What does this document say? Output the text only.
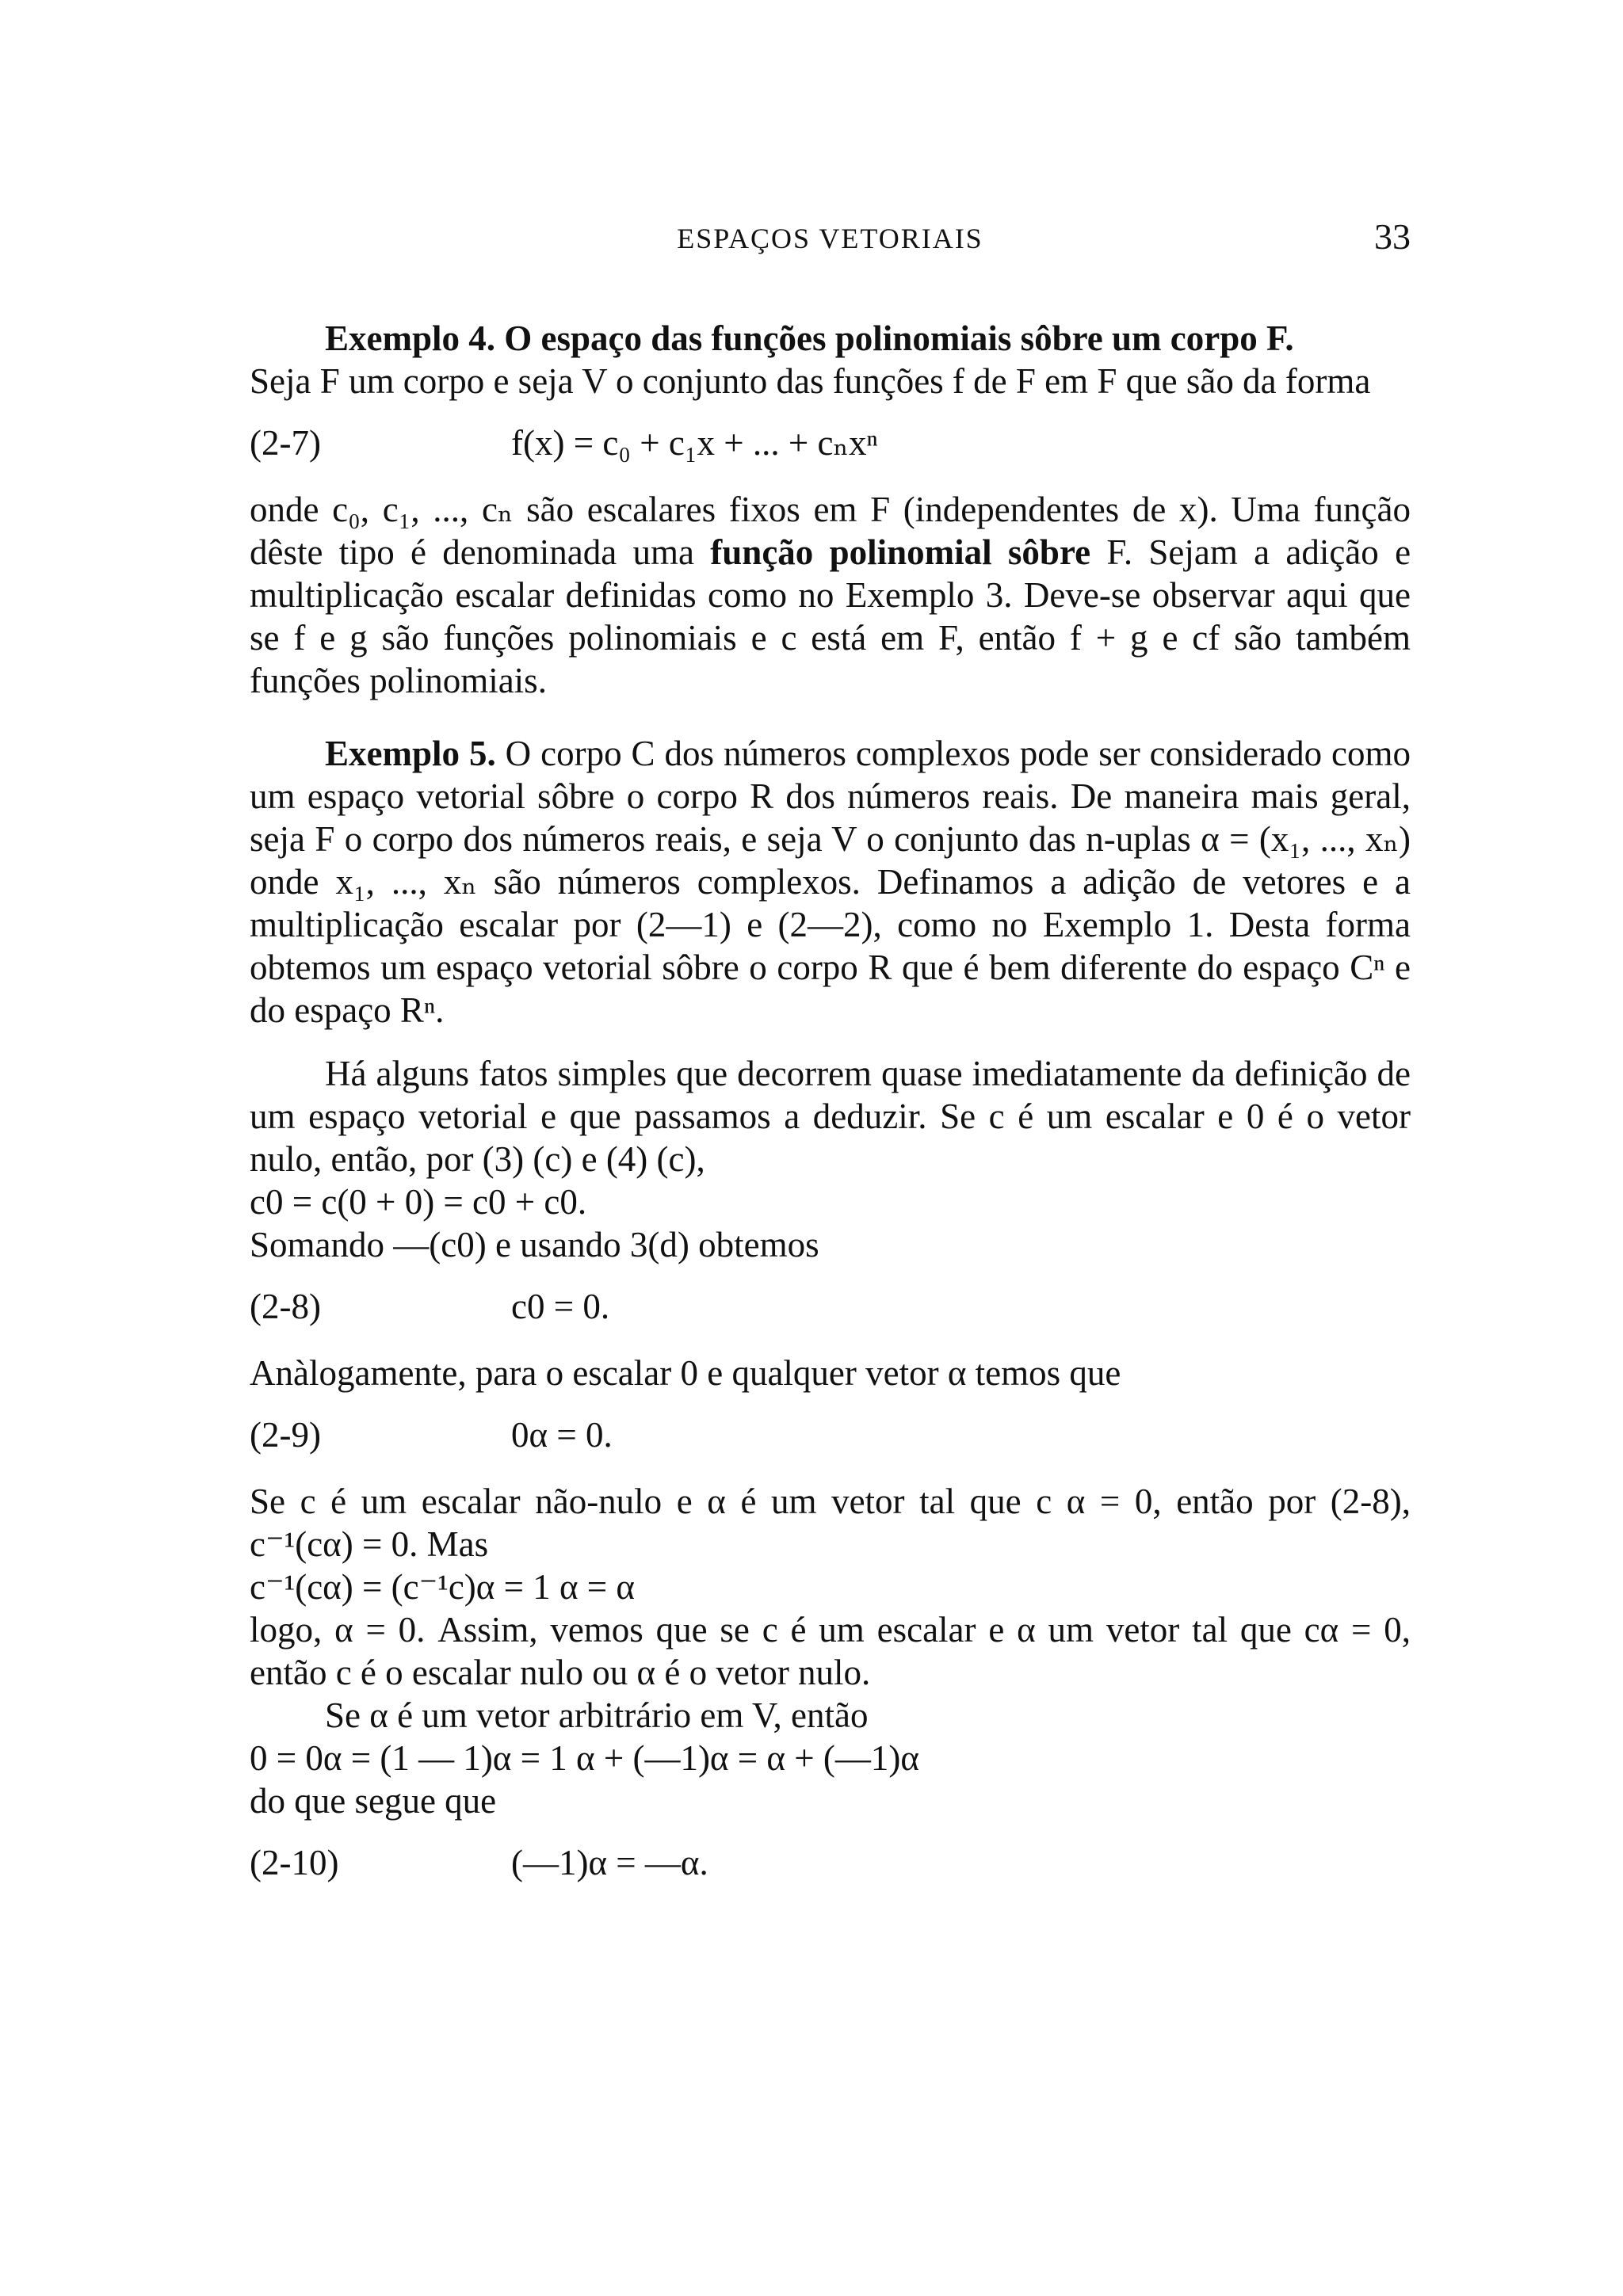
ESPAÇOS VETORIAIS	33

Exemplo 4. O espaço das funções polinomiais sôbre um corpo F.

Seja F um corpo e seja V o conjunto das funções f de F em F que são da forma

(2-7)	f(x) = c₀ + c₁x + ... + cₙxⁿ

onde c₀, c₁, ..., cₙ são escalares fixos em F (independentes de x). Uma função dêste tipo é denominada uma função polinomial sôbre F. Sejam a adição e multiplicação escalar definidas como no Exemplo 3. Deve-se observar aqui que se f e g são funções polinomiais e c está em F, então f + g e cf são também funções polinomiais.

Exemplo 5. O corpo C dos números complexos pode ser considerado como um espaço vetorial sôbre o corpo R dos números reais. De maneira mais geral, seja F o corpo dos números reais, e seja V o conjunto das n-uplas α = (x₁, ..., xₙ) onde x₁, ..., xₙ são números complexos. Definamos a adição de vetores e a multiplicação escalar por (2—1) e (2—2), como no Exemplo 1. Desta forma obtemos um espaço vetorial sôbre o corpo R que é bem diferente do espaço Cⁿ e do espaço Rⁿ.

Há alguns fatos simples que decorrem quase imediatamente da definição de um espaço vetorial e que passamos a deduzir. Se c é um escalar e 0 é o vetor nulo, então, por (3) (c) e (4) (c),

c0 = c(0 + 0) = c0 + c0.

Somando —(c0) e usando 3(d) obtemos

(2-8)	c0 = 0.

Anàlogamente, para o escalar 0 e qualquer vetor α temos que

(2-9)	0α = 0.

Se c é um escalar não-nulo e α é um vetor tal que c α = 0, então por (2-8), c⁻¹(cα) = 0. Mas

c⁻¹(cα) = (c⁻¹c)α = 1 α = α

logo, α = 0. Assim, vemos que se c é um escalar e α um vetor tal que cα = 0, então c é o escalar nulo ou α é o vetor nulo.

Se α é um vetor arbitrário em V, então

0 = 0α = (1 — 1)α = 1 α + (—1)α = α + (—1)α

do que segue que

(2-10)	(—1)α = —α.
